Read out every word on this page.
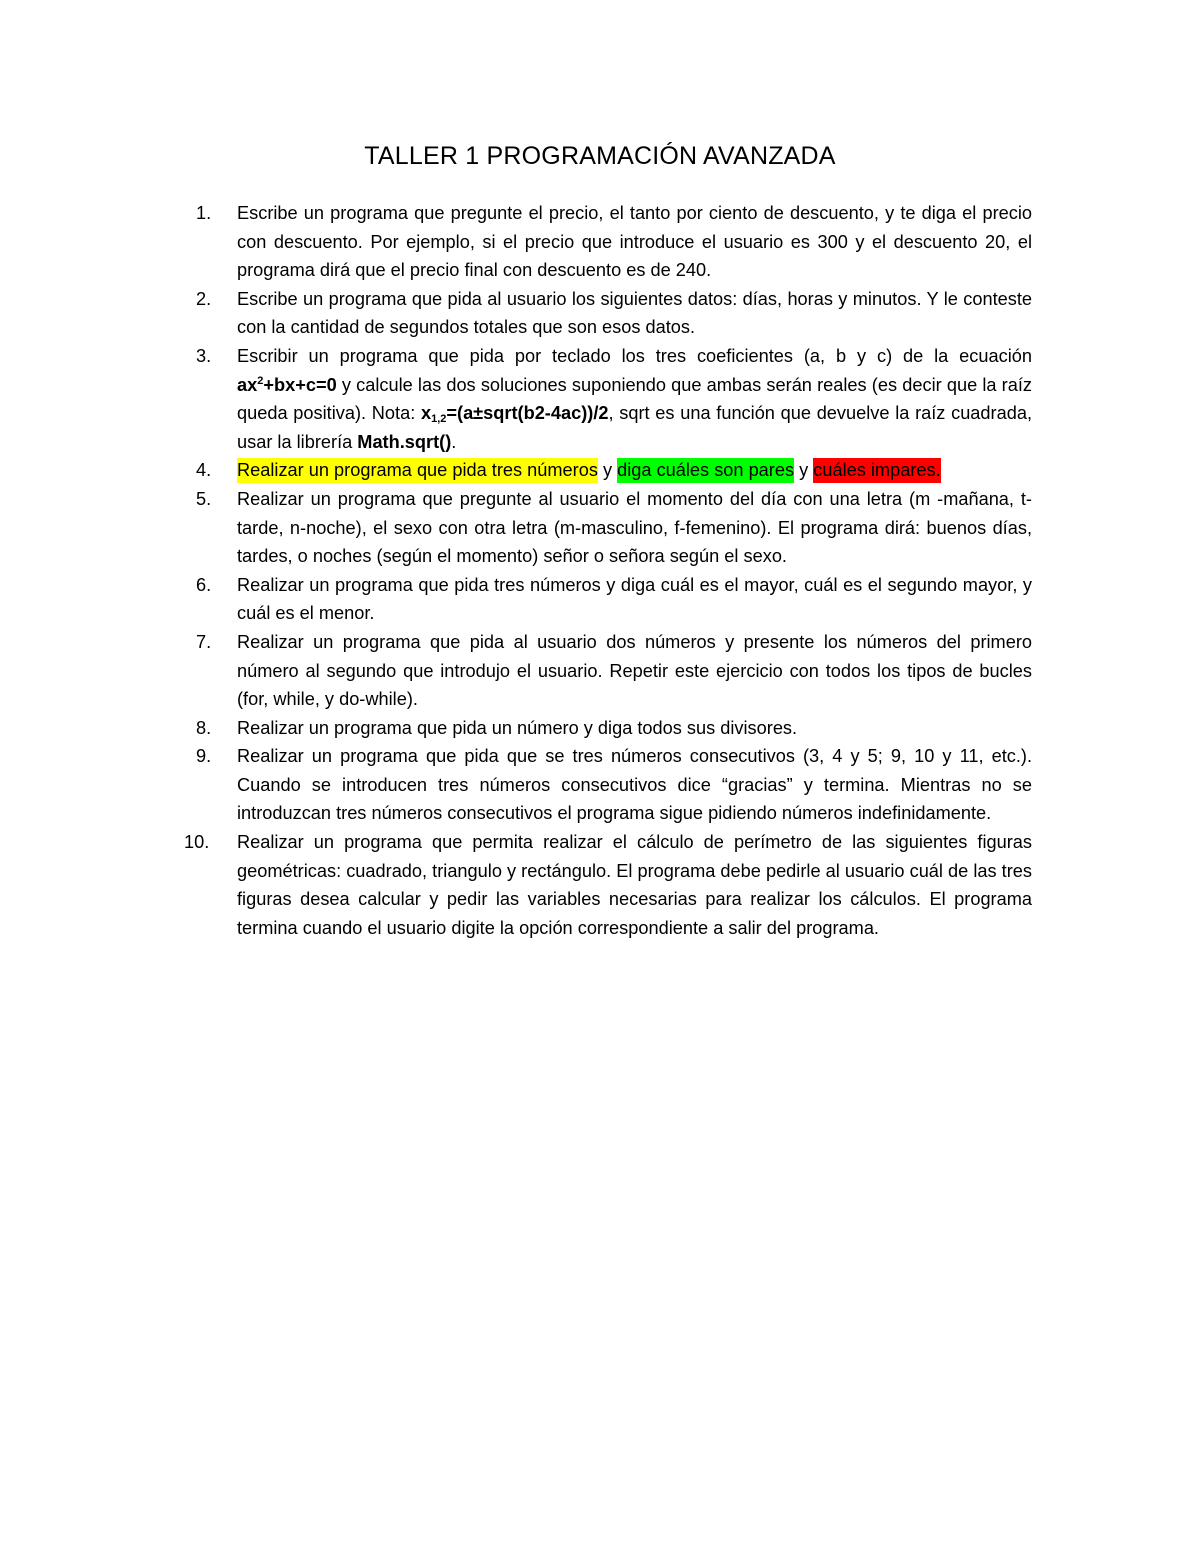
TALLER 1 PROGRAMACIÓN AVANZADA
1.	Escribe un programa que pregunte el precio, el tanto por ciento de descuento, y te diga el precio con descuento. Por ejemplo, si el precio que introduce el usuario es 300 y el descuento 20, el programa dirá que el precio final con descuento es de 240.
2.	Escribe un programa que pida al usuario los siguientes datos: días, horas y minutos. Y le conteste con la cantidad de segundos totales que son esos datos.
3.	Escribir un programa que pida por teclado los tres coeficientes (a, b y c) de la ecuación $ax^2+bx+c=0$ y calcule las dos soluciones suponiendo que ambas serán reales (es decir que la raíz queda positiva). Nota: $x_{1,2}=(a\pm sqrt(b2-4ac))/2$, sqrt es una función que devuelve la raíz cuadrada, usar la librería Math.sqrt().
4.	Realizar un programa que pida tres números y diga cuáles son pares y cuáles impares.
5.	Realizar un programa que pregunte al usuario el momento del día con una letra (m -mañana, t-tarde, n-noche), el sexo con otra letra (m-masculino, f-femenino). El programa dirá: buenos días, tardes, o noches (según el momento) señor o señora según el sexo.
6.	Realizar un programa que pida tres números y diga cuál es el mayor, cuál es el segundo mayor, y cuál es el menor.
7.	Realizar un programa que pida al usuario dos números y presente los números del primero número al segundo que introdujo el usuario. Repetir este ejercicio con todos los tipos de bucles (for, while, y do-while).
8.	Realizar un programa que pida un número y diga todos sus divisores.
9.	Realizar un programa que pida que se tres números consecutivos (3, 4 y 5; 9, 10 y 11, etc.). Cuando se introducen tres números consecutivos dice “gracias” y termina. Mientras no se introduzcan tres números consecutivos el programa sigue pidiendo números indefinidamente.
10.	Realizar un programa que permita realizar el cálculo de perímetro de las siguientes figuras geométricas: cuadrado, triangulo y rectángulo. El programa debe pedirle al usuario cuál de las tres figuras desea calcular y pedir las variables necesarias para realizar los cálculos. El programa termina cuando el usuario digite la opción correspondiente a salir del programa.
